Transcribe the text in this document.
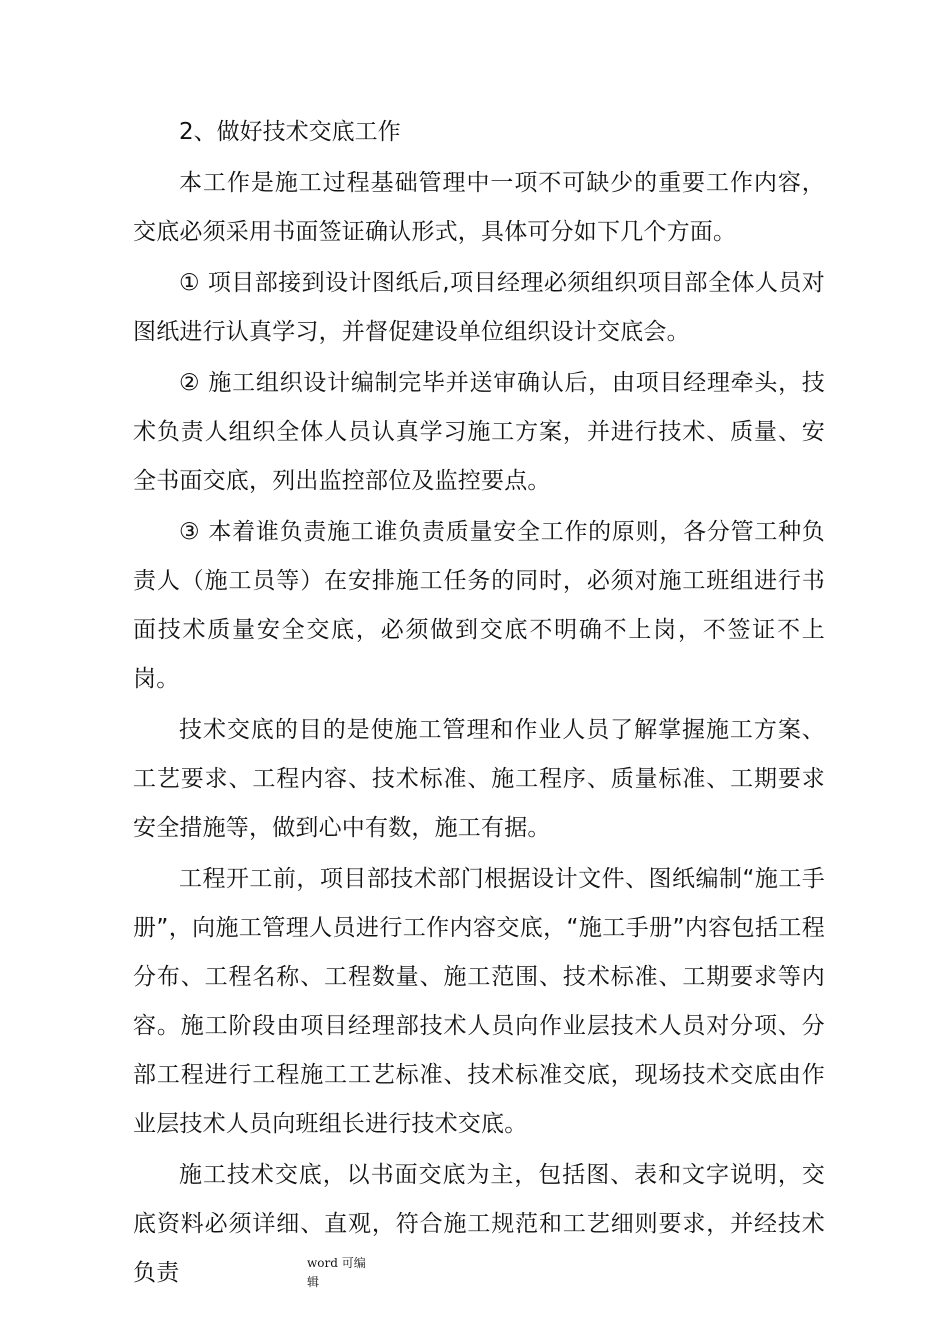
2、做好技术交底工作

本工作是施工过程基础管理中一项不可缺少的重要工作内容，交底必须采用书面签证确认形式，具体可分如下几个方面。

① 项目部接到设计图纸后,项目经理必须组织项目部全体人员对图纸进行认真学习，并督促建设单位组织设计交底会。

② 施工组织设计编制完毕并送审确认后，由项目经理牵头，技术负责人组织全体人员认真学习施工方案，并进行技术、质量、安全书面交底，列出监控部位及监控要点。

③ 本着谁负责施工谁负责质量安全工作的原则，各分管工种负责人（施工员等）在安排施工任务的同时，必须对施工班组进行书面技术质量安全交底，必须做到交底不明确不上岗，不签证不上岗。

技术交底的目的是使施工管理和作业人员了解掌握施工方案、工艺要求、工程内容、技术标准、施工程序、质量标准、工期要求安全措施等，做到心中有数，施工有据。

工程开工前，项目部技术部门根据设计文件、图纸编制“施工手册”，向施工管理人员进行工作内容交底，“施工手册”内容包括工程分布、工程名称、工程数量、施工范围、技术标准、工期要求等内容。施工阶段由项目经理部技术人员向作业层技术人员对分项、分部工程进行工程施工工艺标准、技术标准交底，现场技术交底由作业层技术人员向班组长进行技术交底。

施工技术交底，以书面交底为主，包括图、表和文字说明，交底资料必须详细、直观，符合施工规范和工艺细则要求，并经技术负责	word 可编辑
